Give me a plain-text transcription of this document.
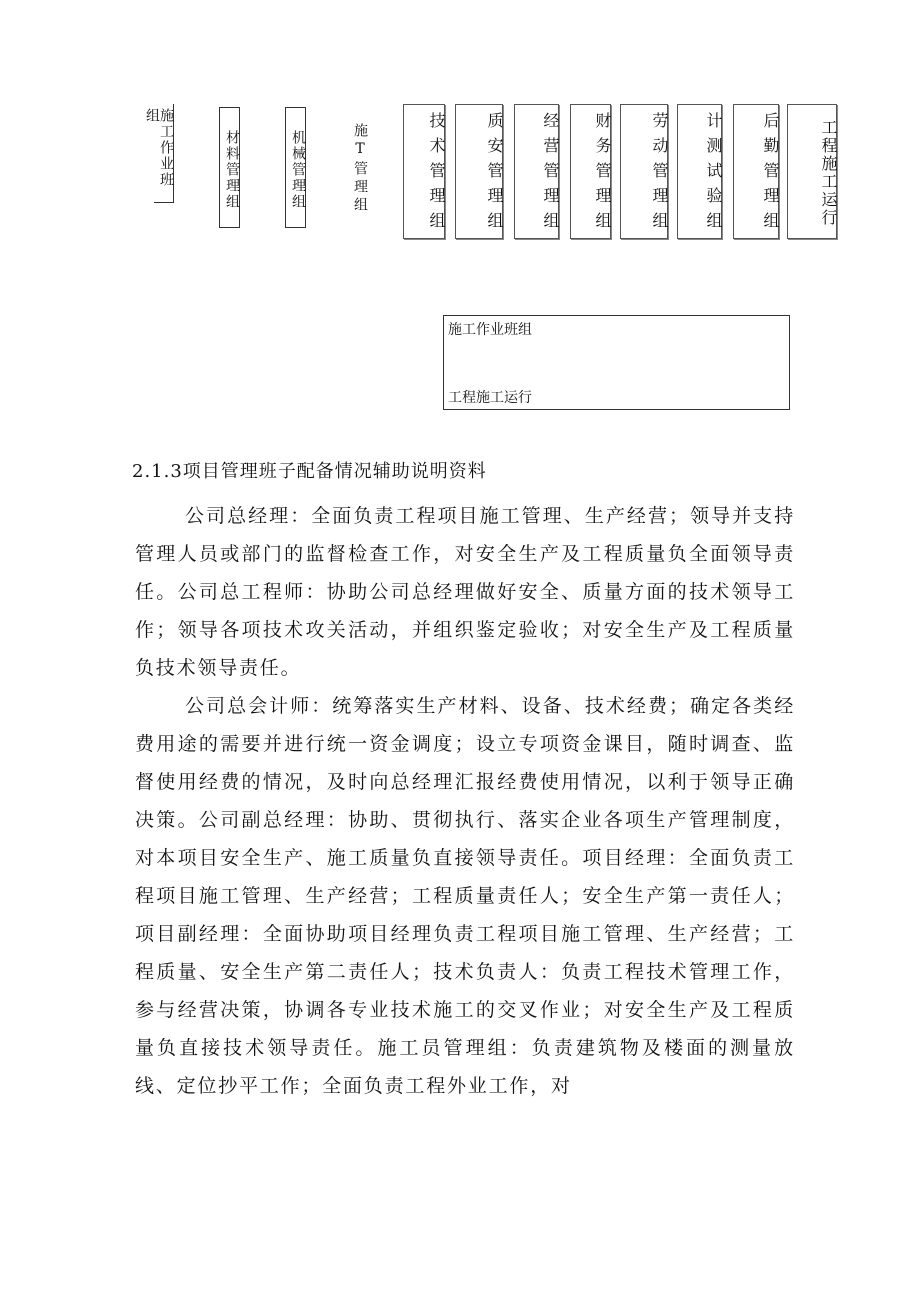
施工作业班组
材料管理组	机械管理组	施T管理组	技术管理组 质安管理组 经营管理组 财务管理组 劳动管理组 计测试验组 后勤管理组 工程施工运行
施工作业班组
工程施工运行
2.1.3项目管理班子配备情况辅助说明资料

公司总经理：全面负责工程项目施工管理、生产经营；领导并支持管理人员或部门的监督检查工作，对安全生产及工程质量负全面领导责任。公司总工程师：协助公司总经理做好安全、质量方面的技术领导工作；领导各项技术攻关活动，并组织鉴定验收；对安全生产及工程质量负技术领导责任。

公司总会计师：统筹落实生产材料、设备、技术经费；确定各类经费用途的需要并进行统一资金调度；设立专项资金课目，随时调查、监督使用经费的情况，及时向总经理汇报经费使用情况，以利于领导正确决策。公司副总经理：协助、贯彻执行、落实企业各项生产管理制度，对本项目安全生产、施工质量负直接领导责任。项目经理：全面负责工程项目施工管理、生产经营；工程质量责任人；安全生产第一责任人；项目副经理：全面协助项目经理负责工程项目施工管理、生产经营；工程质量、安全生产第二责任人；技术负责人：负责工程技术管理工作，参与经营决策，协调各专业技术施工的交叉作业；对安全生产及工程质量负直接技术领导责任。施工员管理组：负责建筑物及楼面的测量放线、定位抄平工作；全面负责工程外业工作，对
